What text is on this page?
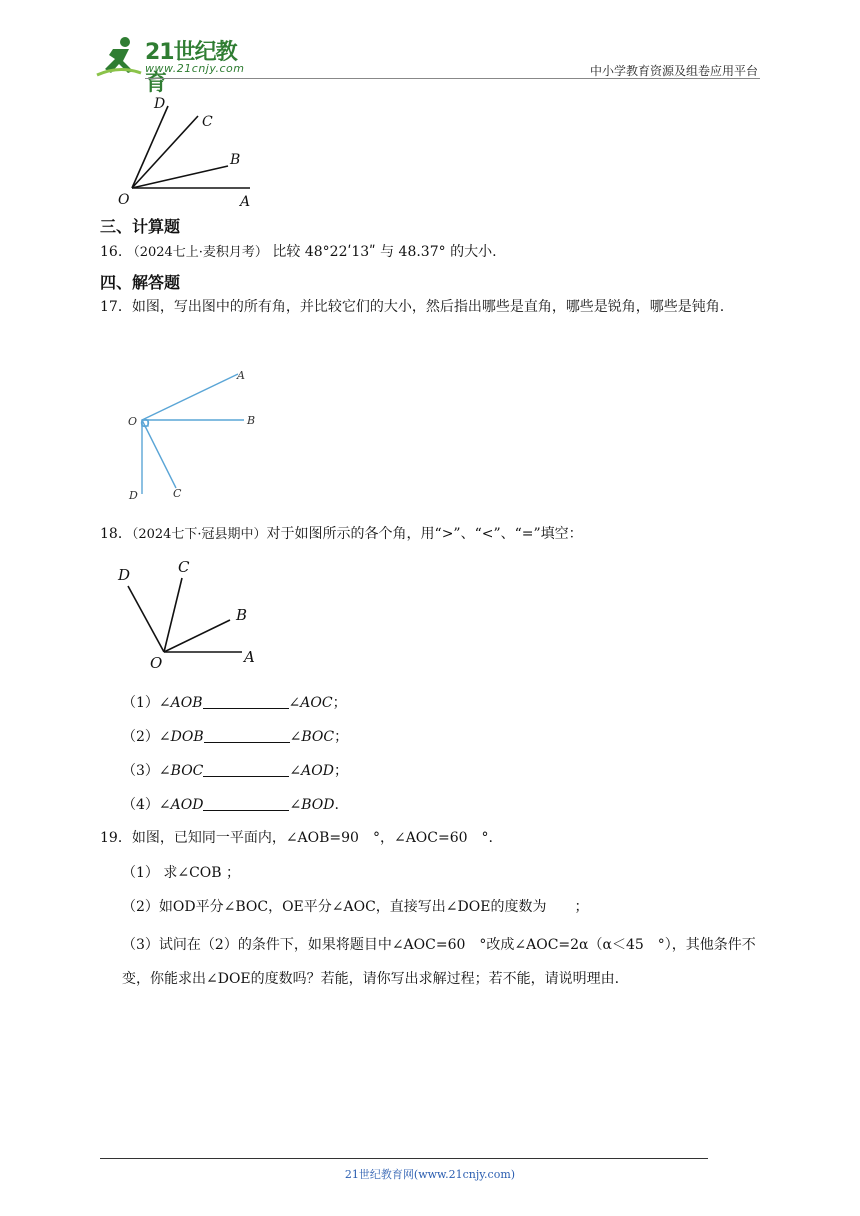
21世纪教育
www.21cnjy.com	中小学教育资源及组卷应用平台
D
C
B
O	A
三、计算题
16. （2024七上·麦积月考） 比较 48°22ʹ13ʺ 与 48.37° 的大小.
四、解答题
17．如图，写出图中的所有角，并比较它们的大小，然后指出哪些是直角，哪些是锐角，哪些是钝角.
A
O	B
D	C
18．（2024七下·冠县期中）对于如图所示的各个角，用“>”、“<”、“=”填空：
D	C
B
O	A
（1）∠AOB	∠AOC；
（2）∠DOB	∠BOC；
（3）∠BOC	∠AOD；
（4）∠AOD	∠BOD.
19．如图，已知同一平面内，∠AOB=90　°，∠AOC=60　°.
（1） 求∠COB ；
（2）如OD平分∠BOC，OE平分∠AOC，直接写出∠DOE的度数为　　；
（3）试问在（2）的条件下，如果将题目中∠AOC=60　°改成∠AOC=2α（α＜45　°），其他条件不变，你能求出∠DOE的度数吗？若能，请你写出求解过程；若不能，请说明理由.
21世纪教育网(www.21cnjy.com)
